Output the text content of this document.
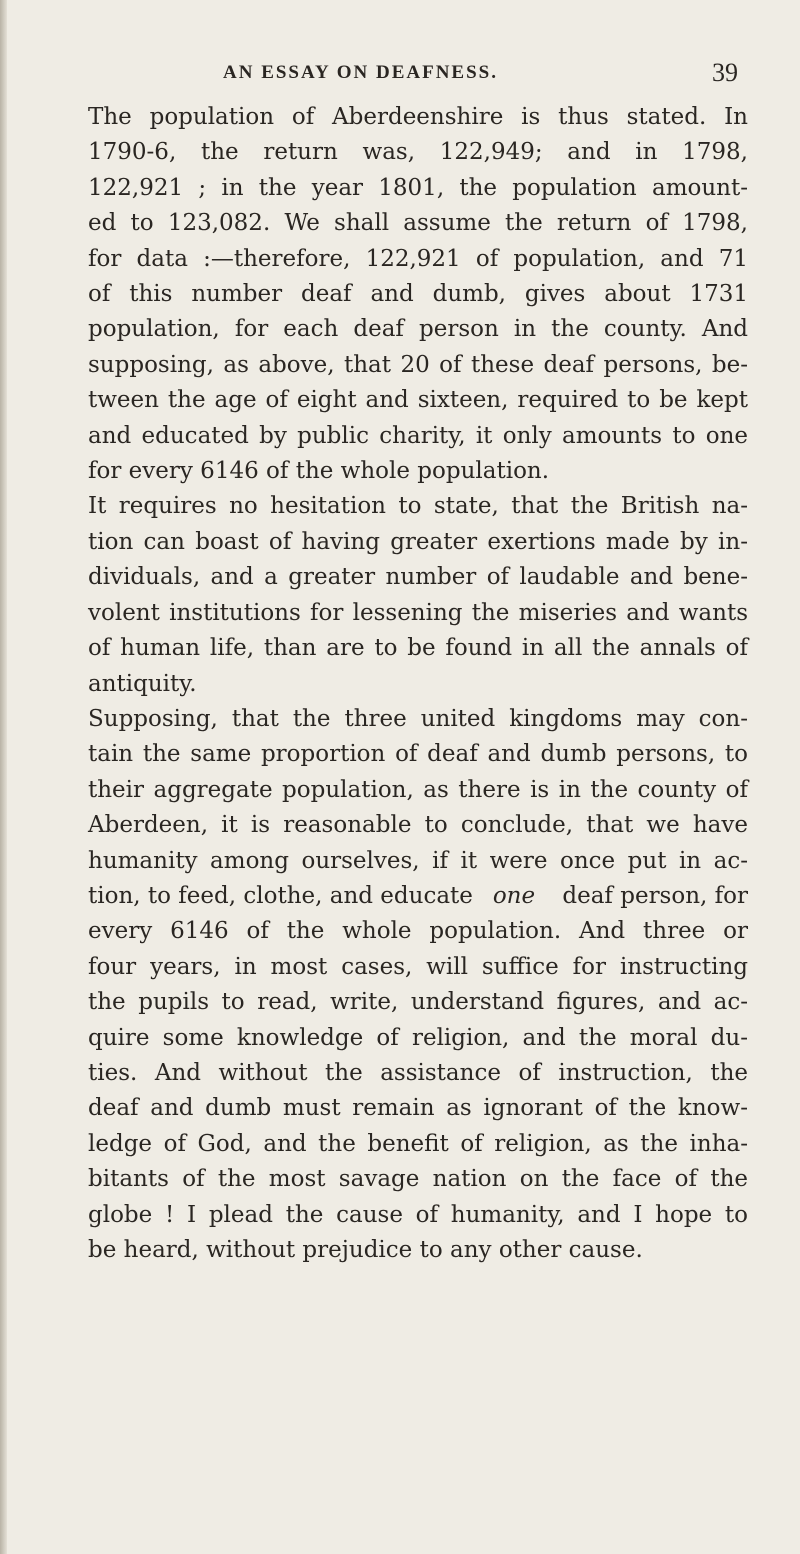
AN ESSAY ON DEAFNESS.	39
The population of Aberdeenshire is thus stated. In
1790-6, the return was, 122,949; and in 1798,
122,921 ; in the year 1801, the population amount-
ed to 123,082. We shall assume the return of 1798,
for data :—therefore, 122,921 of population, and 71
of this number deaf and dumb, gives about 1731
population, for each deaf person in the county. And
supposing, as above, that 20 of these deaf persons, be-
tween the age of eight and sixteen, required to be kept
and educated by public charity, it only amounts to one
for every 6146 of the whole population.
It requires no hesitation to state, that the British na-
tion can boast of having greater exertions made by in-
dividuals, and a greater number of laudable and bene-
volent institutions for lessening the miseries and wants
of human life, than are to be found in all the annals of
antiquity.
Supposing, that the three united kingdoms may con-
tain the same proportion of deaf and dumb persons, to
their aggregate population, as there is in the county of
Aberdeen, it is reasonable to conclude, that we have
humanity among ourselves, if it were once put in ac-
tion, to feed, clothe, and educate one deaf person, for
every 6146 of the whole population. And three or
four years, in most cases, will suffice for instructing
the pupils to read, write, understand figures, and ac-
quire some knowledge of religion, and the moral du-
ties. And without the assistance of instruction, the
deaf and dumb must remain as ignorant of the know-
ledge of God, and the benefit of religion, as the inha-
bitants of the most savage nation on the face of the
globe ! I plead the cause of humanity, and I hope to
be heard, without prejudice to any other cause.
